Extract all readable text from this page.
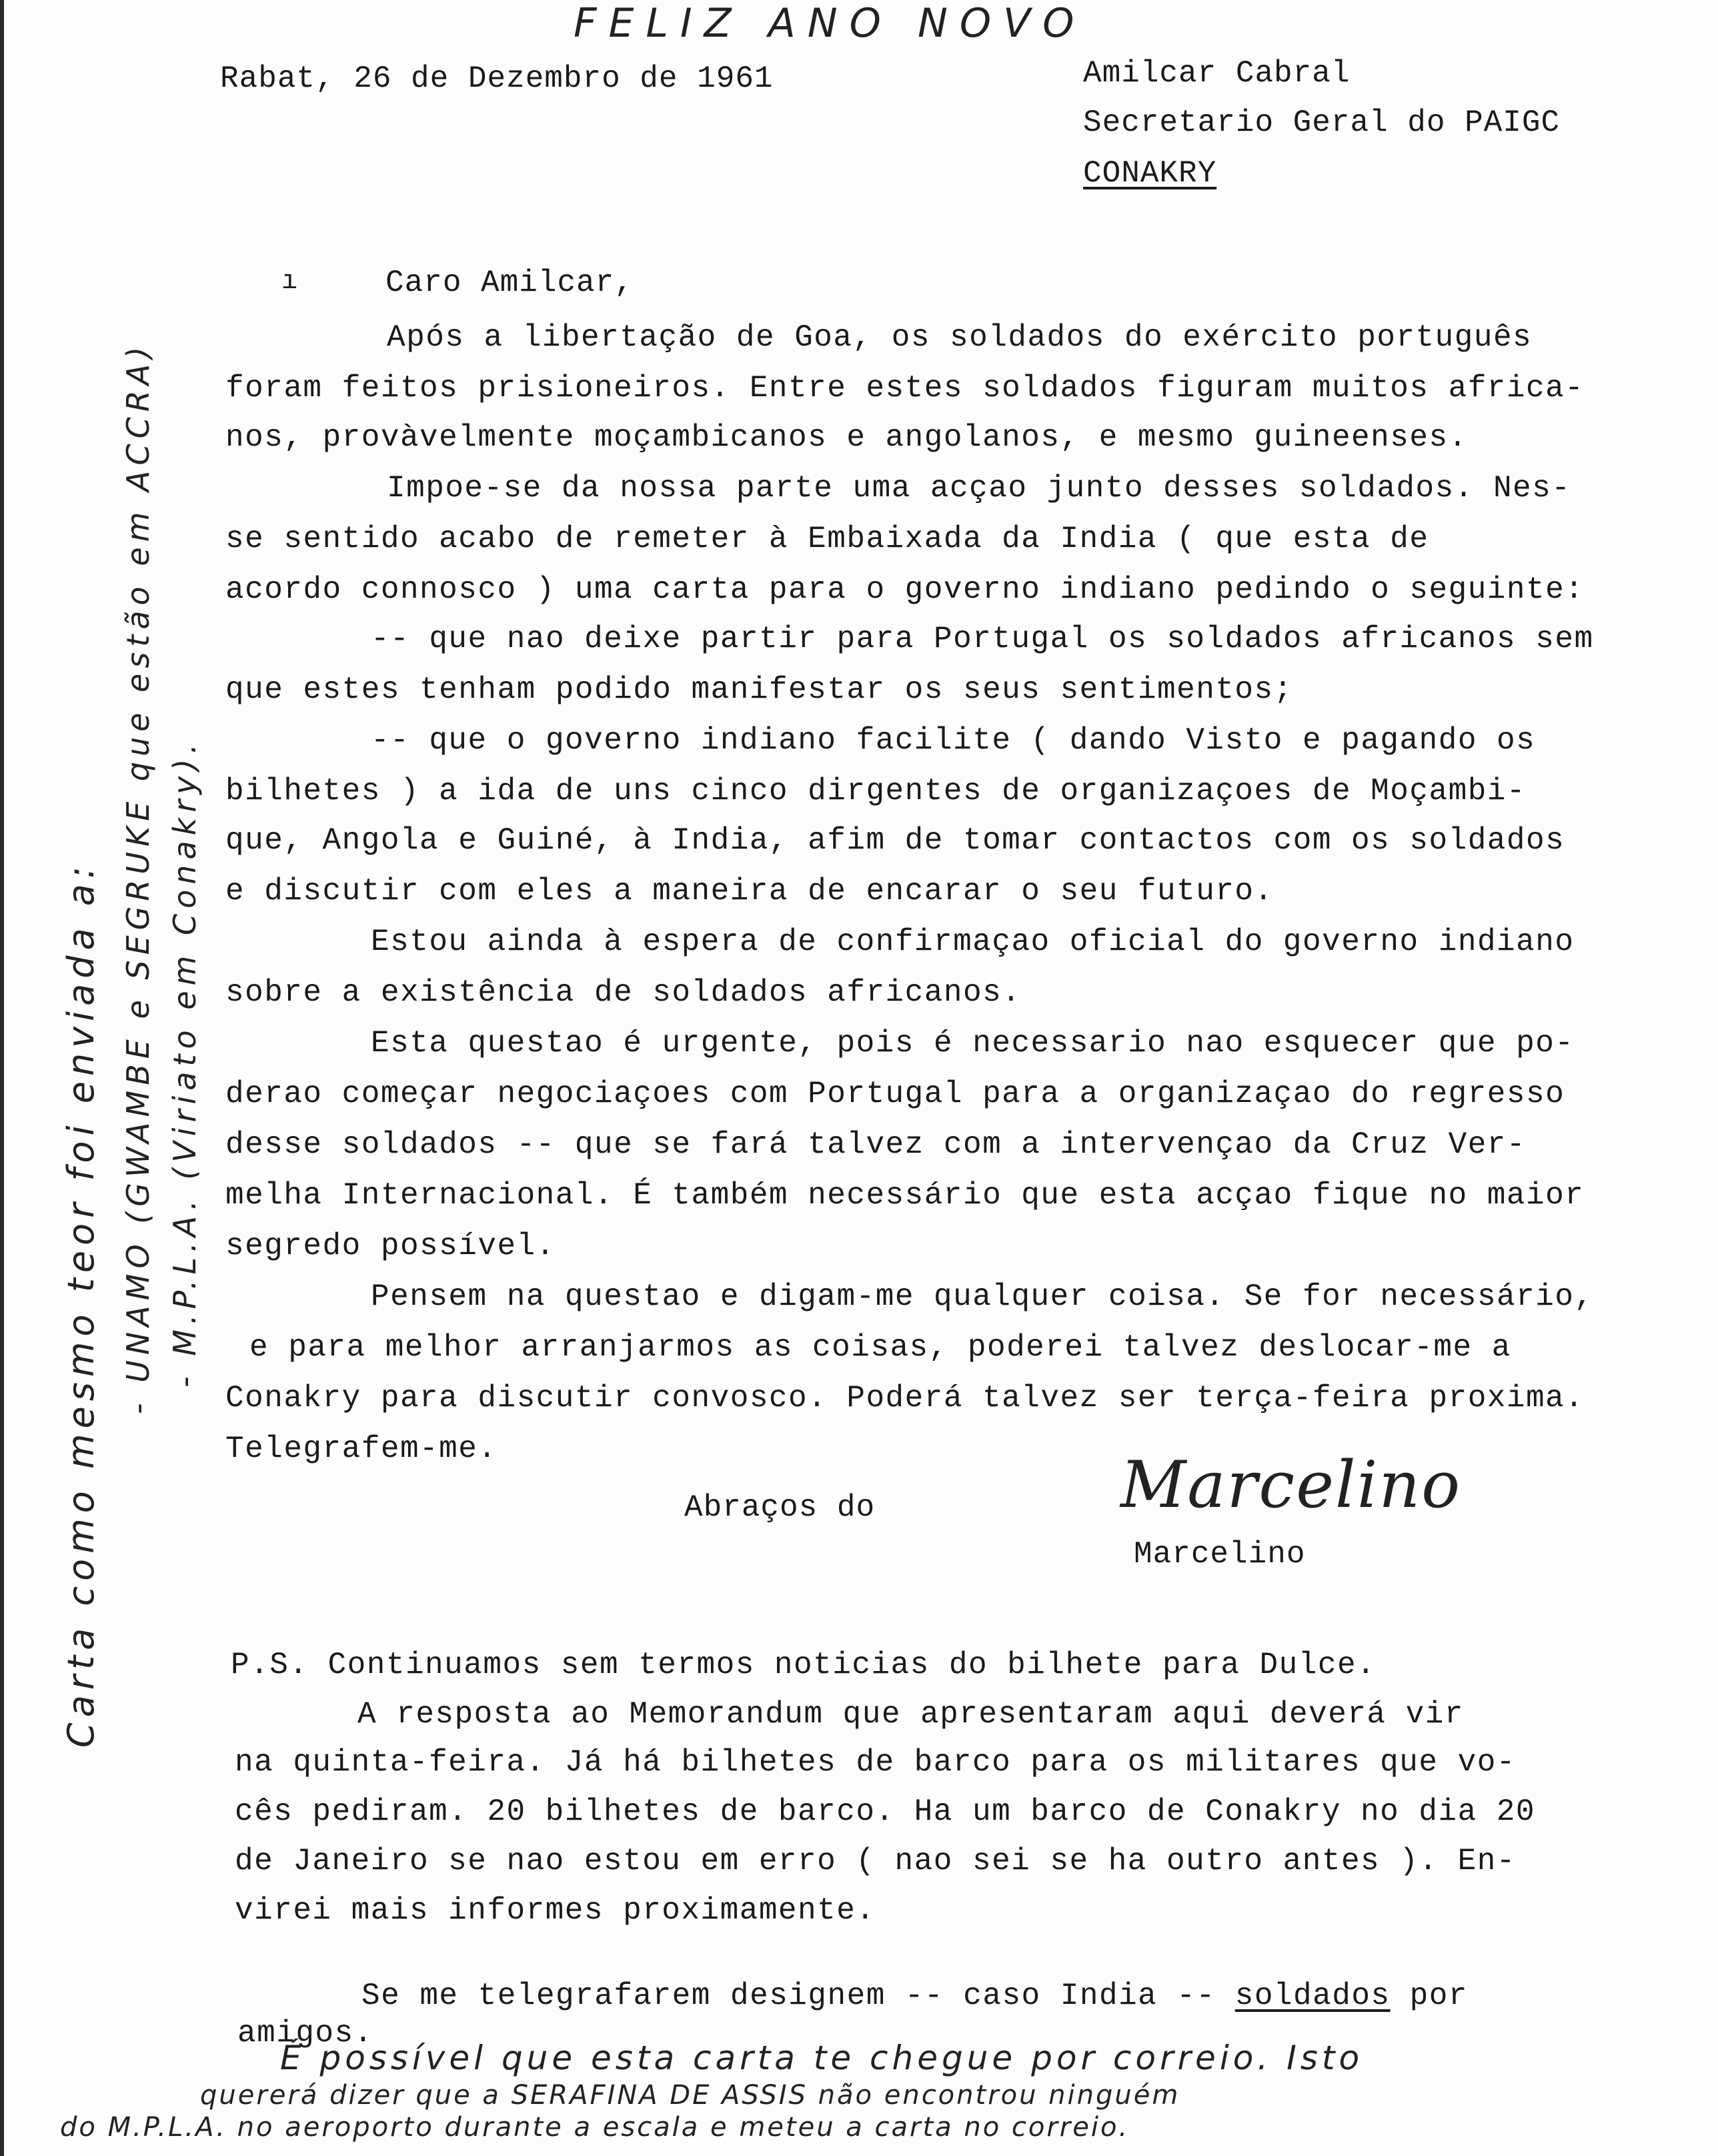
FELIZ ANO NOVO
Rabat, 26 de Dezembro de 1961	Amilcar Cabral
Secretario Geral do PAIGC
CONAKRY
ı	Caro Amilcar,
Após a libertação de Goa, os soldados do exército português
foram feitos prisioneiros. Entre estes soldados figuram muitos africa-
nos, provàvelmente moçambicanos e angolanos, e mesmo guineenses.
Impoe-se da nossa parte uma acçao junto desses soldados. Nes-
se sentido acabo de remeter à Embaixada da India ( que esta de
acordo connosco ) uma carta para o governo indiano pedindo o seguinte:
-- que nao deixe partir para Portugal os soldados africanos sem
que estes tenham podido manifestar os seus sentimentos;
-- que o governo indiano facilite ( dando Visto e pagando os
bilhetes ) a ida de uns cinco dirgentes de organizaçoes de Moçambi-
que, Angola e Guiné, à India, afim de tomar contactos com os soldados
e discutir com eles a maneira de encarar o seu futuro.
Estou ainda à espera de confirmaçao oficial do governo indiano
sobre a existência de soldados africanos.
Esta questao é urgente, pois é necessario nao esquecer que po-
derao começar negociaçoes com Portugal para a organizaçao do regresso
desse soldados -- que se fará talvez com a intervençao da Cruz Ver-
melha Internacional. É também necessário que esta acçao fique no maior
segredo possível.
Pensem na questao e digam-me qualquer coisa. Se for necessário,
e para melhor arranjarmos as coisas, poderei talvez deslocar-me a
Conakry para discutir convosco. Poderá talvez ser terça-feira proxima.
Telegrafem-me.
Abraços do	Marcelino
Marcelino
P.S. Continuamos sem termos noticias do bilhete para Dulce.
A resposta ao Memorandum que apresentaram aqui deverá vir
na quinta-feira. Já há bilhetes de barco para os militares que vo-
cês pediram. 20 bilhetes de barco. Ha um barco de Conakry no dia 20
de Janeiro se nao estou em erro ( nao sei se ha outro antes ). En-
virei mais informes proximamente.
Se me telegrafarem designem -- caso India -- soldados por
amigos.
Carta como mesmo teor foi enviada a: - UNAMO (GWAMBE e SEGRUKE que estão em ACCRA) - M.P.L.A. (Viriato em Conakry).
É possível que esta carta te chegue por correio. Isto
quererá dizer que a SERAFINA DE ASSIS não encontrou ninguém
do M.P.L.A. no aeroporto durante a escala e meteu a carta no correio.
